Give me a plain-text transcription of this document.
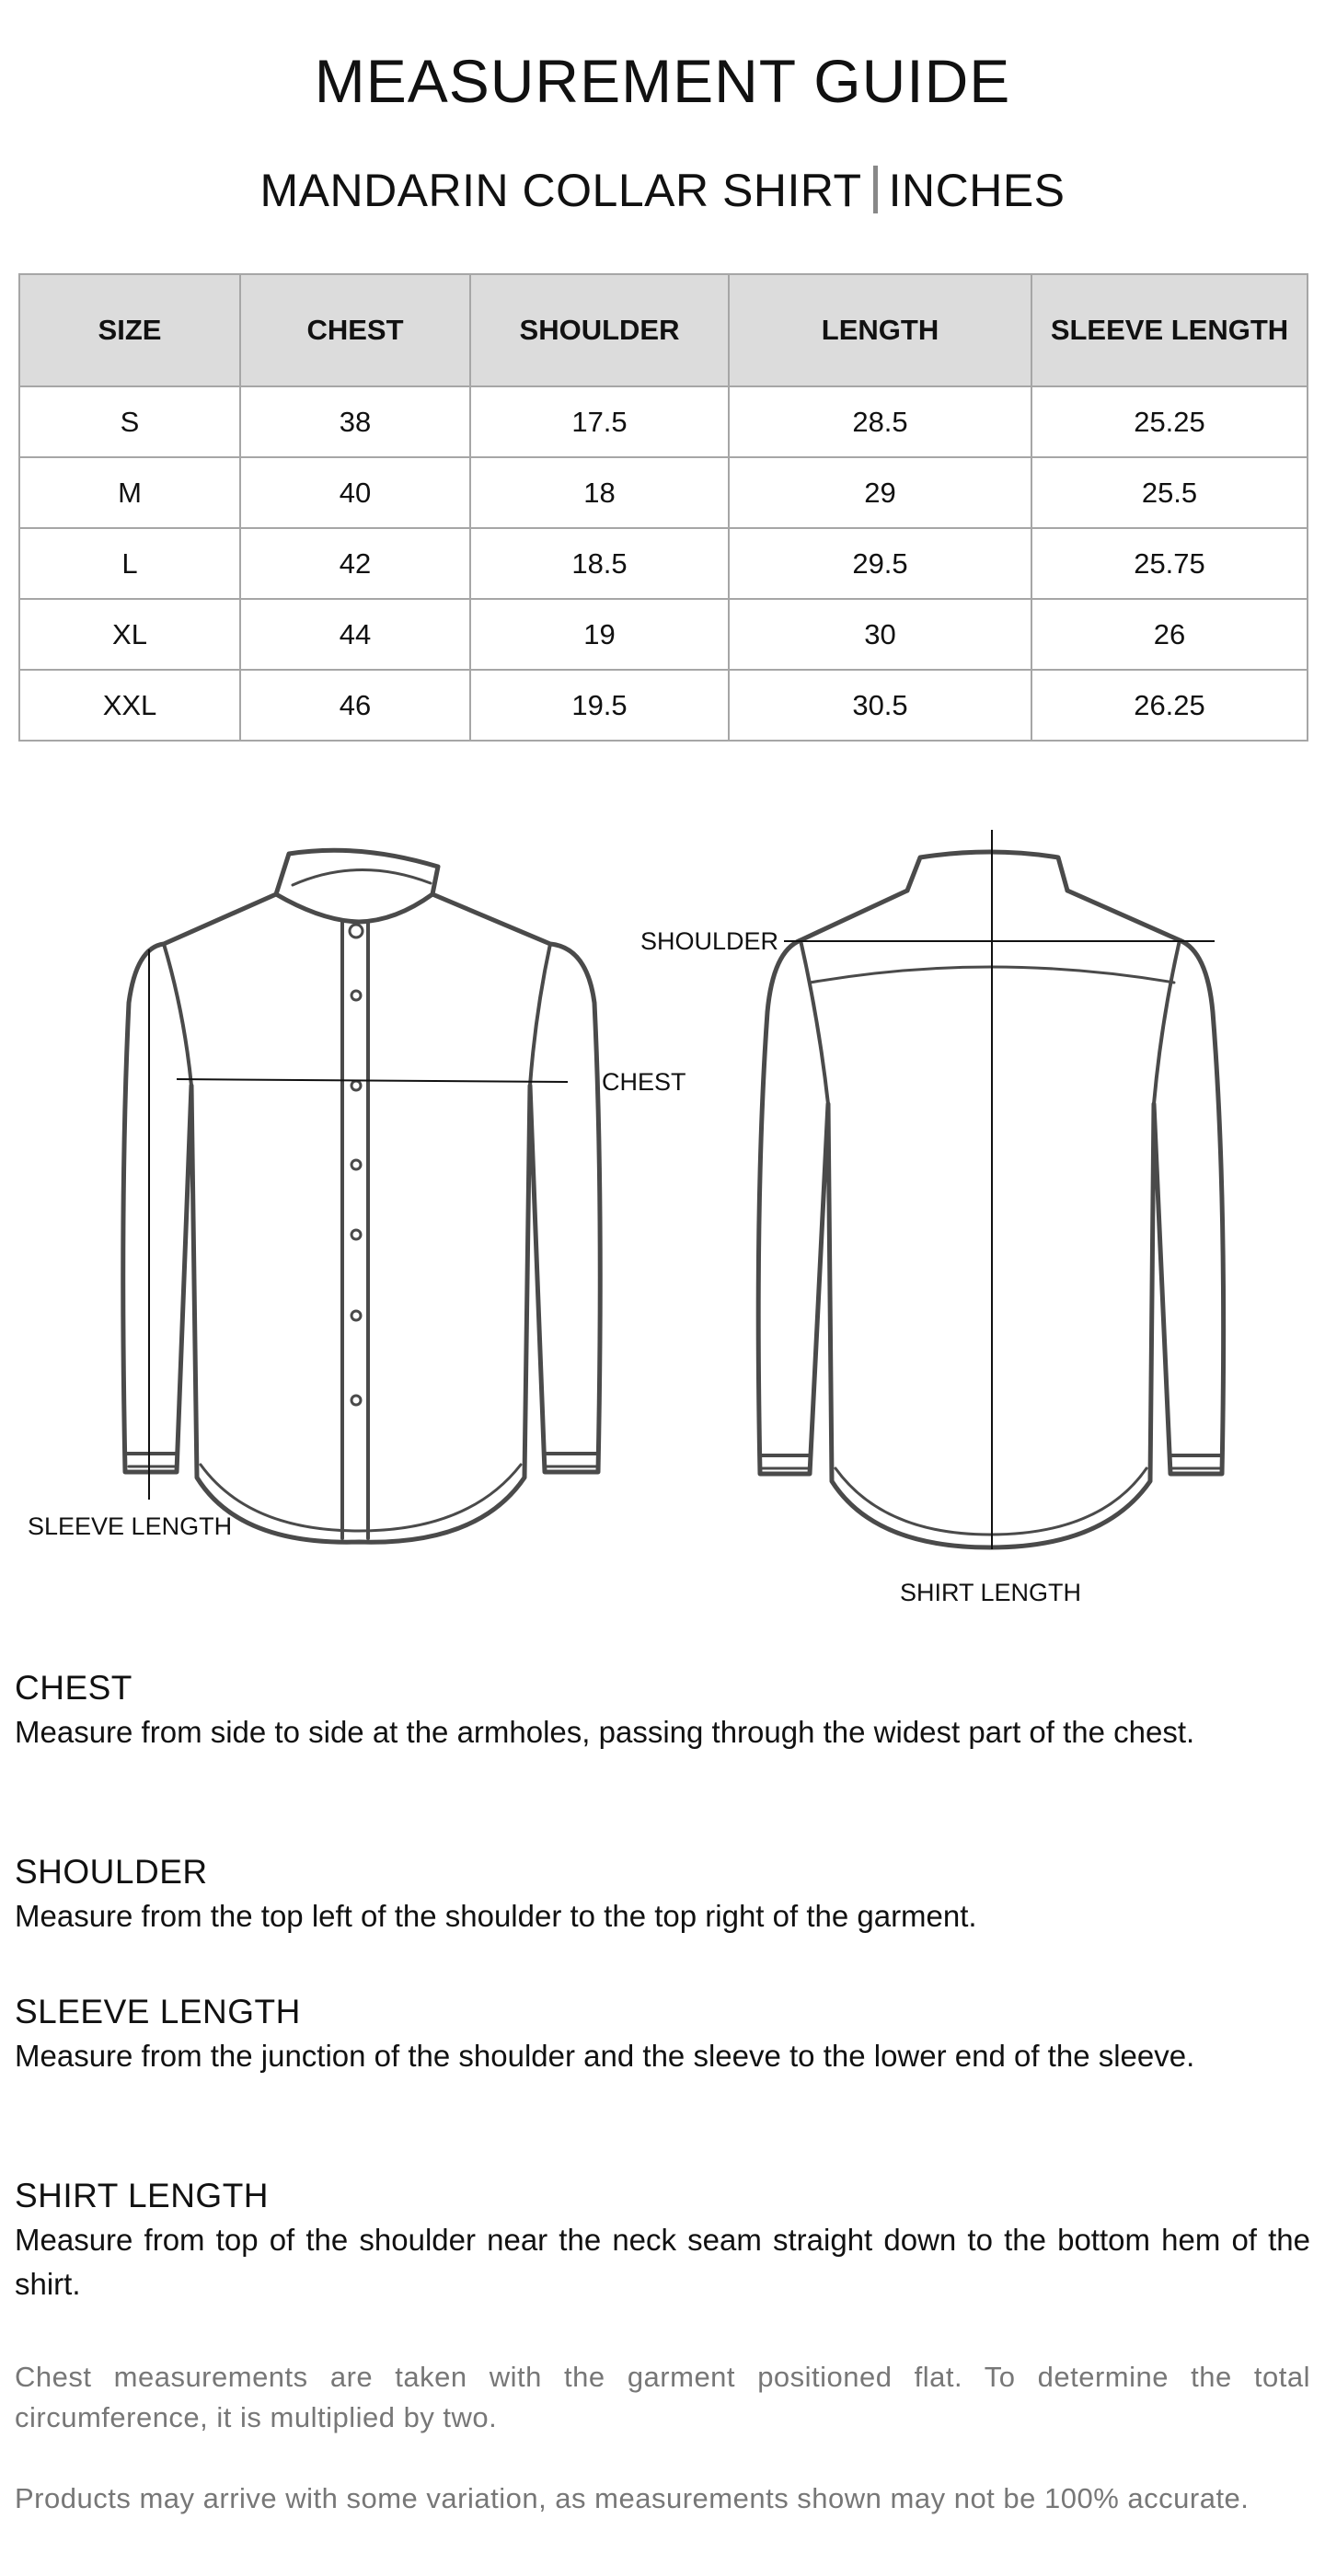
MEASUREMENT GUIDE
MANDARIN COLLAR SHIRT INCHES
SIZE	CHEST	SHOULDER	LENGTH	SLEEVE LENGTH
S	38	17.5	28.5	25.25
M	40	18	29	25.5
L	42	18.5	29.5	25.75
XL	44	19	30	26
XXL	46	19.5	30.5	26.25
CHEST
SLEEVE LENGTH
SHOULDER
SHIRT LENGTH
CHEST

Measure from side to side at the armholes, passing through the widest part of the chest.

SHOULDER

Measure from the top left of the shoulder to the top right of the garment.

SLEEVE LENGTH

Measure from the junction of the shoulder and the sleeve to the lower end of the sleeve.

SHIRT LENGTH

Measure from top of the shoulder near the neck seam straight down to the bottom hem of the shirt.

Chest measurements are taken with the garment positioned flat. To determine the total circumference, it is multiplied by two.

Products may arrive with some variation, as measurements shown may not be 100% accurate.
